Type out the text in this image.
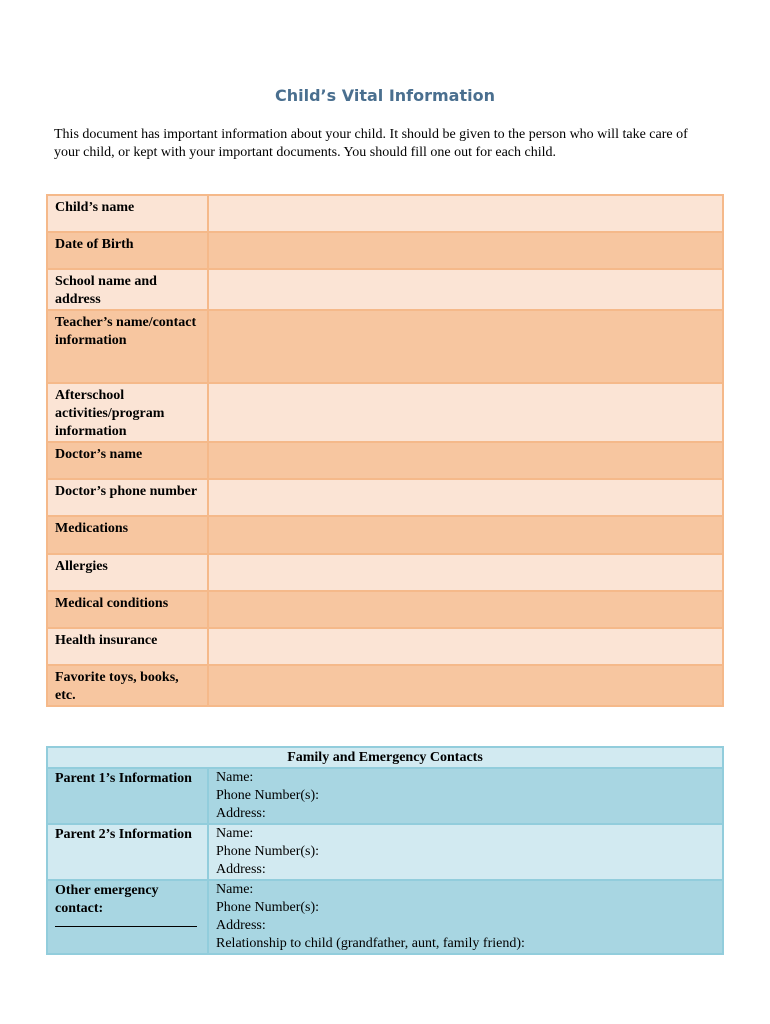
Child’s Vital Information
This document has important information about your child. It should be given to the person who will take care of your child, or kept with your important documents. You should fill one out for each child.
Child’s name	
Date of Birth	
School name and address	
Teacher’s name/contact information	
Afterschool activities/program information	
Doctor’s name	
Doctor’s phone number	
Medications	
Allergies	
Medical conditions	
Health insurance	
Favorite toys, books, etc.	
Family and Emergency Contacts	
Parent 1’s Information	Name:
Phone Number(s):
Address:

Parent 2’s Information	Name:
Phone Number(s):
Address:

Other emergency contact:	Name:
Phone Number(s):
Address:
Relationship to child (grandfather, aunt, family friend):
